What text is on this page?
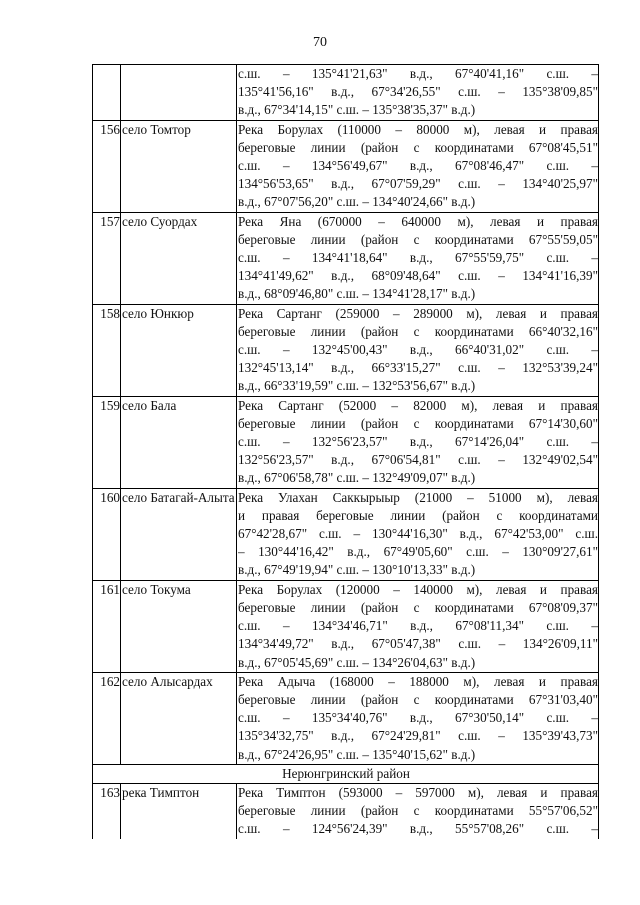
70

		с.ш. – 135°41'21,63" в.д., 67°40'41,16" с.ш. –
135°41'56,16" в.д., 67°34'26,55" с.ш. – 135°38'09,85"
в.д., 67°34'14,15" с.ш. – 135°38'35,37" в.д.)

156	село Томтор	Река Борулах (110000 – 80000 м), левая и правая
береговые линии (район с координатами 67°08'45,51"
с.ш. – 134°56'49,67" в.д., 67°08'46,47" с.ш. –
134°56'53,65" в.д., 67°07'59,29" с.ш. – 134°40'25,97"
в.д., 67°07'56,20" с.ш. – 134°40'24,66" в.д.)

157	село Суордах	Река Яна (670000 – 640000 м), левая и правая
береговые линии (район с координатами 67°55'59,05"
с.ш. – 134°41'18,64" в.д., 67°55'59,75" с.ш. –
134°41'49,62" в.д., 68°09'48,64" с.ш. – 134°41'16,39"
в.д., 68°09'46,80" с.ш. – 134°41'28,17" в.д.)

158	село Юнкюр	Река Сартанг (259000 – 289000 м), левая и правая
береговые линии (район с координатами 66°40'32,16"
с.ш. – 132°45'00,43" в.д., 66°40'31,02" с.ш. –
132°45'13,14" в.д., 66°33'15,27" с.ш. – 132°53'39,24"
в.д., 66°33'19,59" с.ш. – 132°53'56,67" в.д.)

159	село Бала	Река Сартанг (52000 – 82000 м), левая и правая
береговые линии (район с координатами 67°14'30,60"
с.ш. – 132°56'23,57" в.д., 67°14'26,04" с.ш. –
132°56'23,57" в.д., 67°06'54,81" с.ш. – 132°49'02,54"
в.д., 67°06'58,78" с.ш. – 132°49'09,07" в.д.)

160	село Батагай-Алыта	Река Улахан Саккырыыр (21000 – 51000 м), левая
и правая береговые линии (район с координатами
67°42'28,67" с.ш. – 130°44'16,30" в.д., 67°42'53,00" с.ш.
– 130°44'16,42" в.д., 67°49'05,60" с.ш. – 130°09'27,61"
в.д., 67°49'19,94" с.ш. – 130°10'13,33" в.д.)

161	село Токума	Река Борулах (120000 – 140000 м), левая и правая
береговые линии (район с координатами 67°08'09,37"
с.ш. – 134°34'46,71" в.д., 67°08'11,34" с.ш. –
134°34'49,72" в.д., 67°05'47,38" с.ш. – 134°26'09,11"
в.д., 67°05'45,69" с.ш. – 134°26'04,63" в.д.)

162	село Алысардах	Река Адыча (168000 – 188000 м), левая и правая
береговые линии (район с координатами 67°31'03,40"
с.ш. – 135°34'40,76" в.д., 67°30'50,14" с.ш. –
135°34'32,75" в.д., 67°24'29,81" с.ш. – 135°39'43,73"
в.д., 67°24'26,95" с.ш. – 135°40'15,62" в.д.)

Нерюнгринский район		
163	река Тимптон	Река Тимптон (593000 – 597000 м), левая и правая
береговые линии (район с координатами 55°57'06,52"
с.ш. – 124°56'24,39" в.д., 55°57'08,26" с.ш. –
